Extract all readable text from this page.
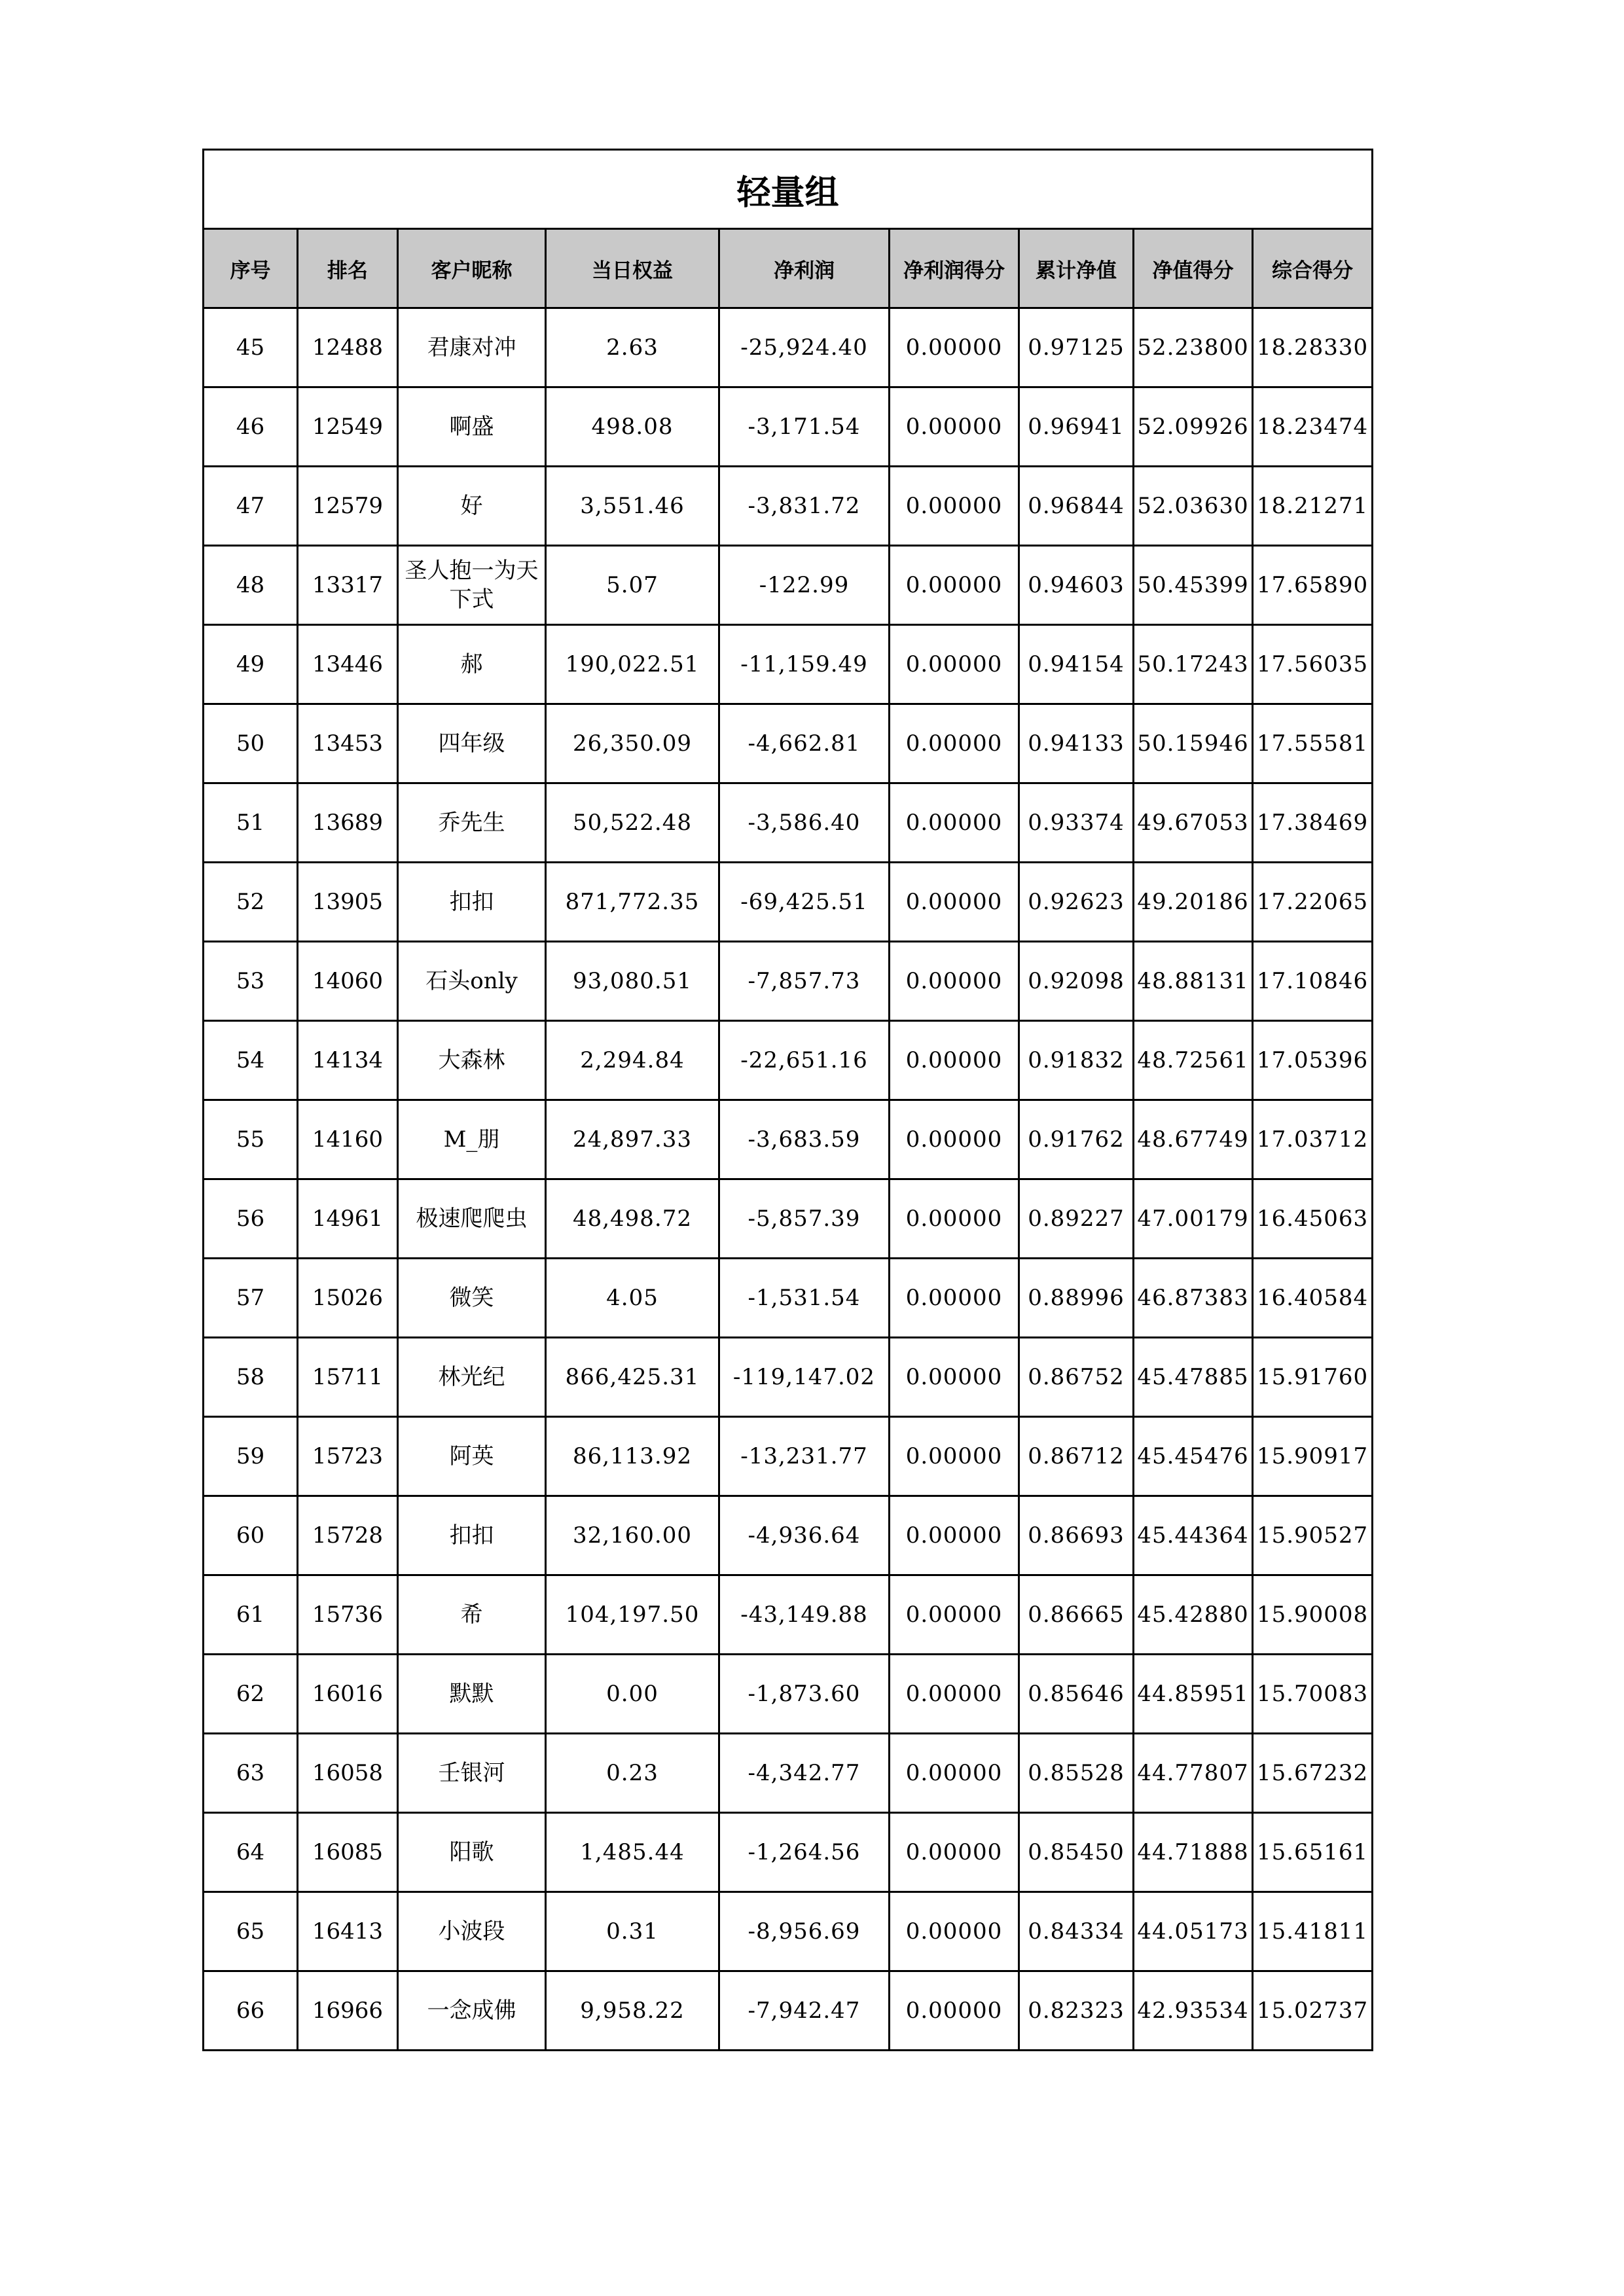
轻量组								
序号	排名	客户昵称	当日权益	净利润	净利润得分	累计净值	净值得分	综合得分
45	12488	君康对冲	2.63	-25,924.40	0.00000	0.97125	52.23800	18.28330
46	12549	啊盛	498.08	-3,171.54	0.00000	0.96941	52.09926	18.23474
47	12579	好	3,551.46	-3,831.72	0.00000	0.96844	52.03630	18.21271
48	13317	圣人抱一为天下式	5.07	-122.99	0.00000	0.94603	50.45399	17.65890
49	13446	郝	190,022.51	-11,159.49	0.00000	0.94154	50.17243	17.56035
50	13453	四年级	26,350.09	-4,662.81	0.00000	0.94133	50.15946	17.55581
51	13689	乔先生	50,522.48	-3,586.40	0.00000	0.93374	49.67053	17.38469
52	13905	扣扣	871,772.35	-69,425.51	0.00000	0.92623	49.20186	17.22065
53	14060	石头only	93,080.51	-7,857.73	0.00000	0.92098	48.88131	17.10846
54	14134	大森林	2,294.84	-22,651.16	0.00000	0.91832	48.72561	17.05396
55	14160	M_朋	24,897.33	-3,683.59	0.00000	0.91762	48.67749	17.03712
56	14961	极速爬爬虫	48,498.72	-5,857.39	0.00000	0.89227	47.00179	16.45063
57	15026	微笑	4.05	-1,531.54	0.00000	0.88996	46.87383	16.40584
58	15711	林光纪	866,425.31	-119,147.02	0.00000	0.86752	45.47885	15.91760
59	15723	阿英	86,113.92	-13,231.77	0.00000	0.86712	45.45476	15.90917
60	15728	扣扣	32,160.00	-4,936.64	0.00000	0.86693	45.44364	15.90527
61	15736	希	104,197.50	-43,149.88	0.00000	0.86665	45.42880	15.90008
62	16016	默默	0.00	-1,873.60	0.00000	0.85646	44.85951	15.70083
63	16058	壬银河	0.23	-4,342.77	0.00000	0.85528	44.77807	15.67232
64	16085	阳歌	1,485.44	-1,264.56	0.00000	0.85450	44.71888	15.65161
65	16413	小波段	0.31	-8,956.69	0.00000	0.84334	44.05173	15.41811
66	16966	一念成佛	9,958.22	-7,942.47	0.00000	0.82323	42.93534	15.02737
